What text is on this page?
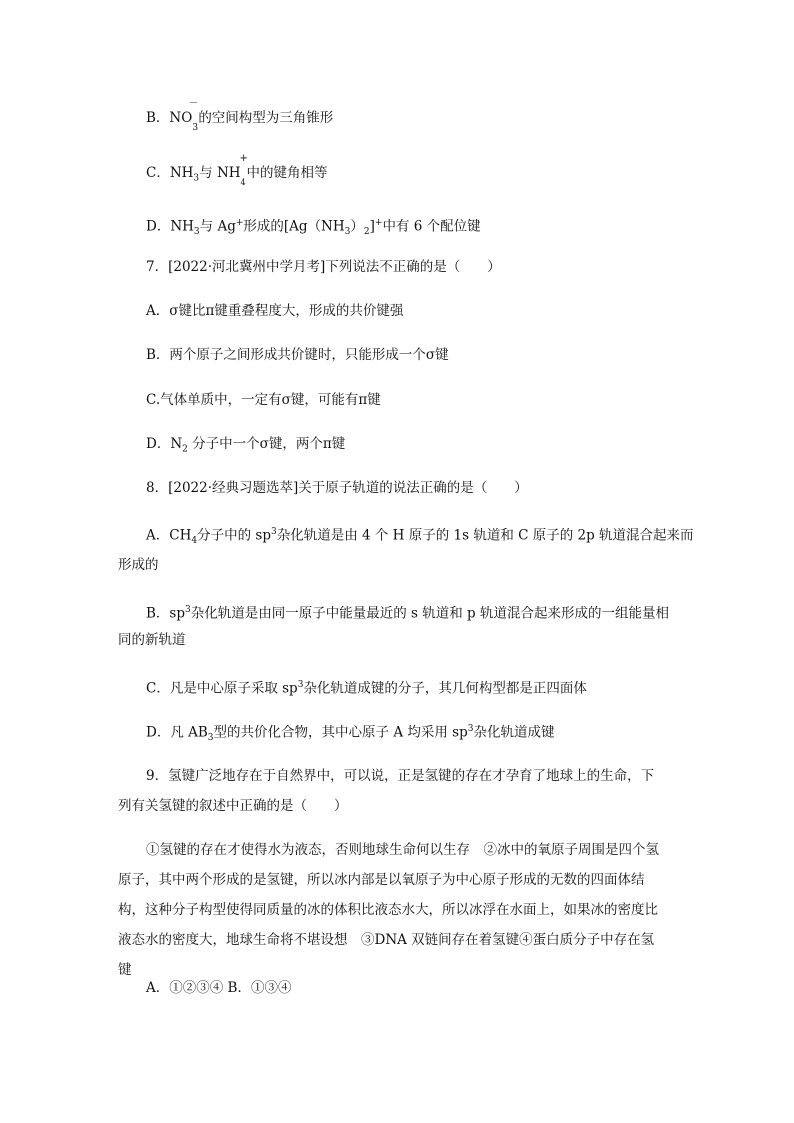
B．NO
－
$_3$的空间构型为三角锥形
C．$NH_3$与 NH
+
$_4$中的键角相等
D．$NH_3$与 Ag+形成的$[Ag(NH_3)_2]^+$中有 6 个配位键
7．[2022·河北冀州中学月考]下列说法不正确的是（　　）
A．σ键比π键重叠程度大，形成的共价键强
B．两个原子之间形成共价键时，只能形成一个σ键
C.气体单质中，一定有σ键，可能有π键
D．$N_2$ 分子中一个σ键，两个π键
8．[2022·经典习题选萃]关于原子轨道的说法正确的是（　　）
A．$CH_4$分子中的 $sp^3$杂化轨道是由 4 个 H 原子的 1s 轨道和 C 原子的 2p 轨道混合起来而
形成的
B．$sp^3$杂化轨道是由同一原子中能量最近的 s 轨道和 p 轨道混合起来形成的一组能量相
同的新轨道
C．凡是中心原子采取 $sp^3$杂化轨道成键的分子，其几何构型都是正四面体
D．凡 $AB_3$型的共价化合物，其中心原子 A 均采用 $sp^3$杂化轨道成键
9．氢键广泛地存在于自然界中，可以说，正是氢键的存在才孕育了地球上的生命，下
列有关氢键的叙述中正确的是（　　）
①氢键的存在才使得水为液态，否则地球生命何以生存　②冰中的氧原子周围是四个氢原子，其中两个形成的是氢键，所以冰内部是以氧原子为中心原子形成的无数的四面体结构，这种分子构型使得同质量的冰的体积比液态水大，所以冰浮在水面上，如果冰的密度比液态水的密度大，地球生命将不堪设想　③DNA 双链间存在着氢键④蛋白质分子中存在氢键
A．①②③④ B．①③④
